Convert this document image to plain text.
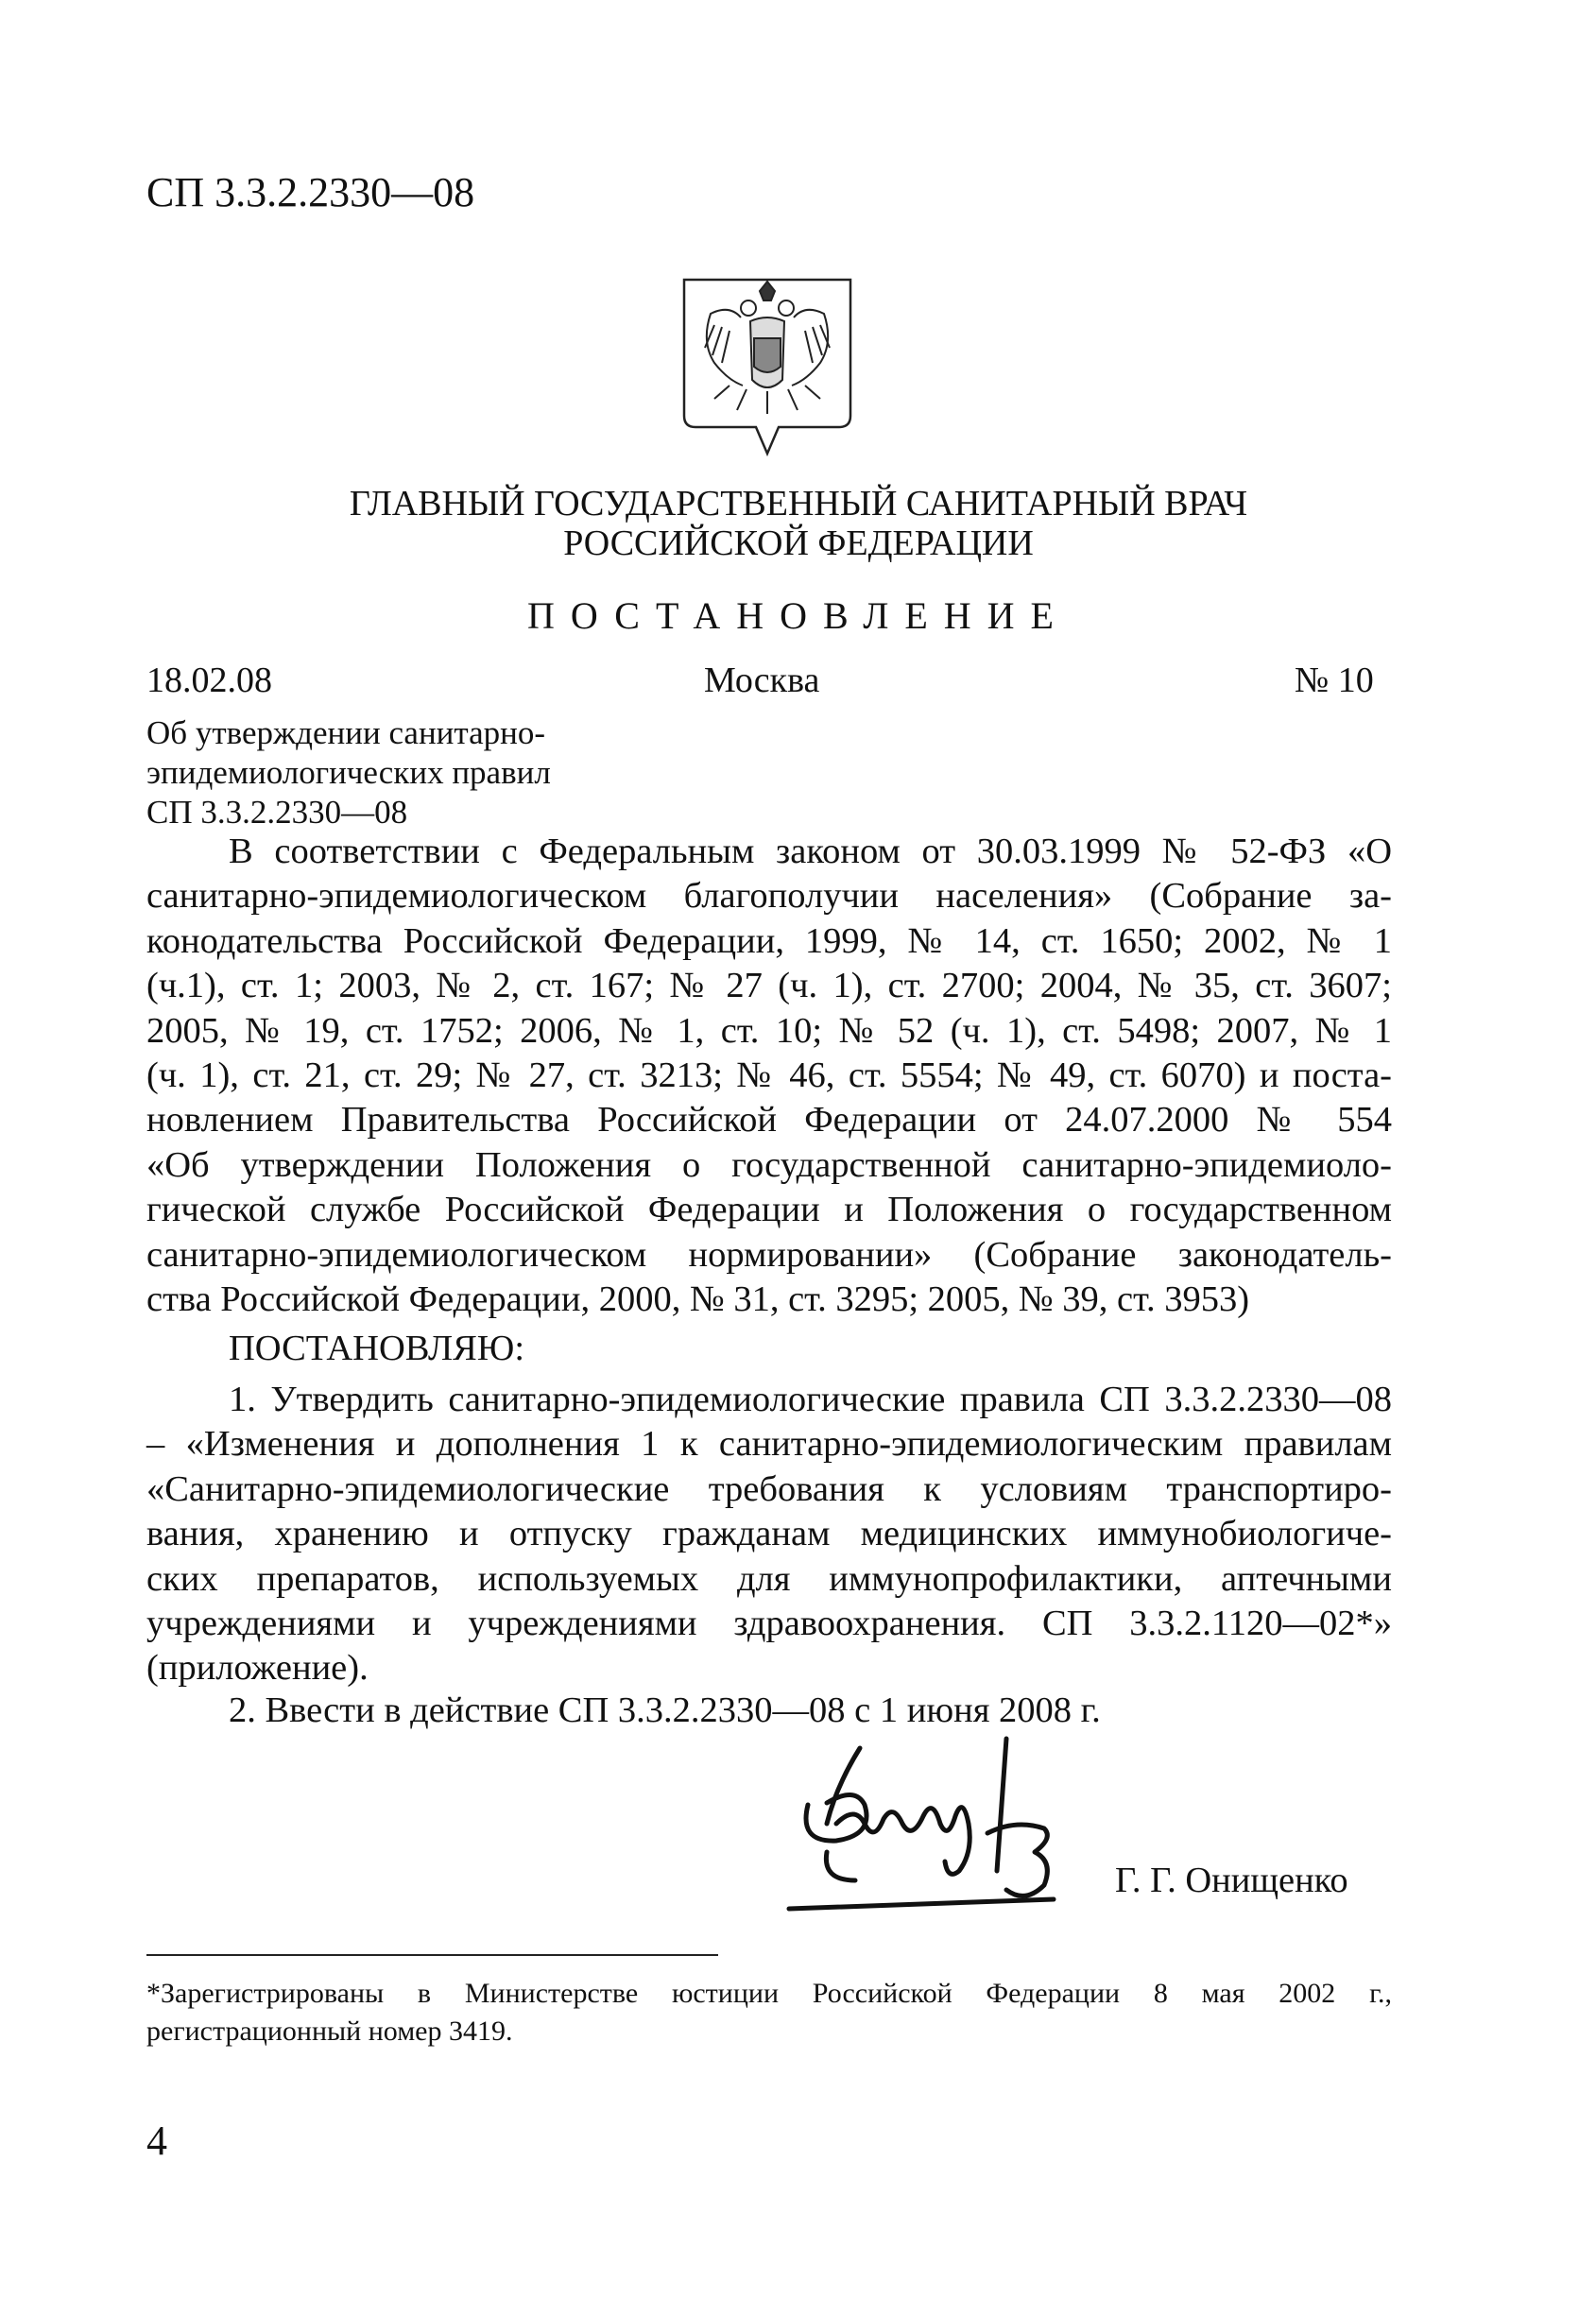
СП 3.3.2.2330—08
ГЛАВНЫЙ ГОСУДАРСТВЕННЫЙ САНИТАРНЫЙ ВРАЧ
РОССИЙСКОЙ ФЕДЕРАЦИИ
ПОСТАНОВЛЕНИЕ
18.02.08	Москва	№ 10
Об утверждении санитарно-
эпидемиологических правил
СП 3.3.2.2330—08
В соответствии с Федеральным законом от 30.03.1999 № 52-ФЗ «О
санитарно-эпидемиологическом благополучии населения» (Собрание за-
конодательства Российской Федерации, 1999, № 14, ст. 1650; 2002, № 1
(ч.1), ст. 1; 2003, № 2, ст. 167; № 27 (ч. 1), ст. 2700; 2004, № 35, ст. 3607;
2005, № 19, ст. 1752; 2006, № 1, ст. 10; № 52 (ч. 1), ст. 5498; 2007, № 1
(ч. 1), ст. 21, ст. 29; № 27, ст. 3213; № 46, ст. 5554; № 49, ст. 6070) и поста-
новлением Правительства Российской Федерации от 24.07.2000 № 554
«Об утверждении Положения о государственной санитарно-эпидемиоло-
гической службе Российской Федерации и Положения о государственном
санитарно-эпидемиологическом нормировании» (Собрание законодатель-
ства Российской Федерации, 2000, № 31, ст. 3295; 2005, № 39, ст. 3953)
ПОСТАНОВЛЯЮ:
1. Утвердить санитарно-эпидемиологические правила СП 3.3.2.2330—08
– «Изменения и дополнения 1 к санитарно-эпидемиологическим правилам
«Санитарно-эпидемиологические требования к условиям транспортиро-
вания, хранению и отпуску гражданам медицинских иммунобиологиче-
ских препаратов, используемых для иммунопрофилактики, аптечными
учреждениями и учреждениями здравоохранения. СП 3.3.2.1120—02*»
(приложение).
2. Ввести в действие СП 3.3.2.2330—08 с 1 июня 2008 г.
Г. Г. Онищенко
*Зарегистрированы в Министерстве юстиции Российской Федерации 8 мая 2002 г.,
регистрационный номер 3419.
4
